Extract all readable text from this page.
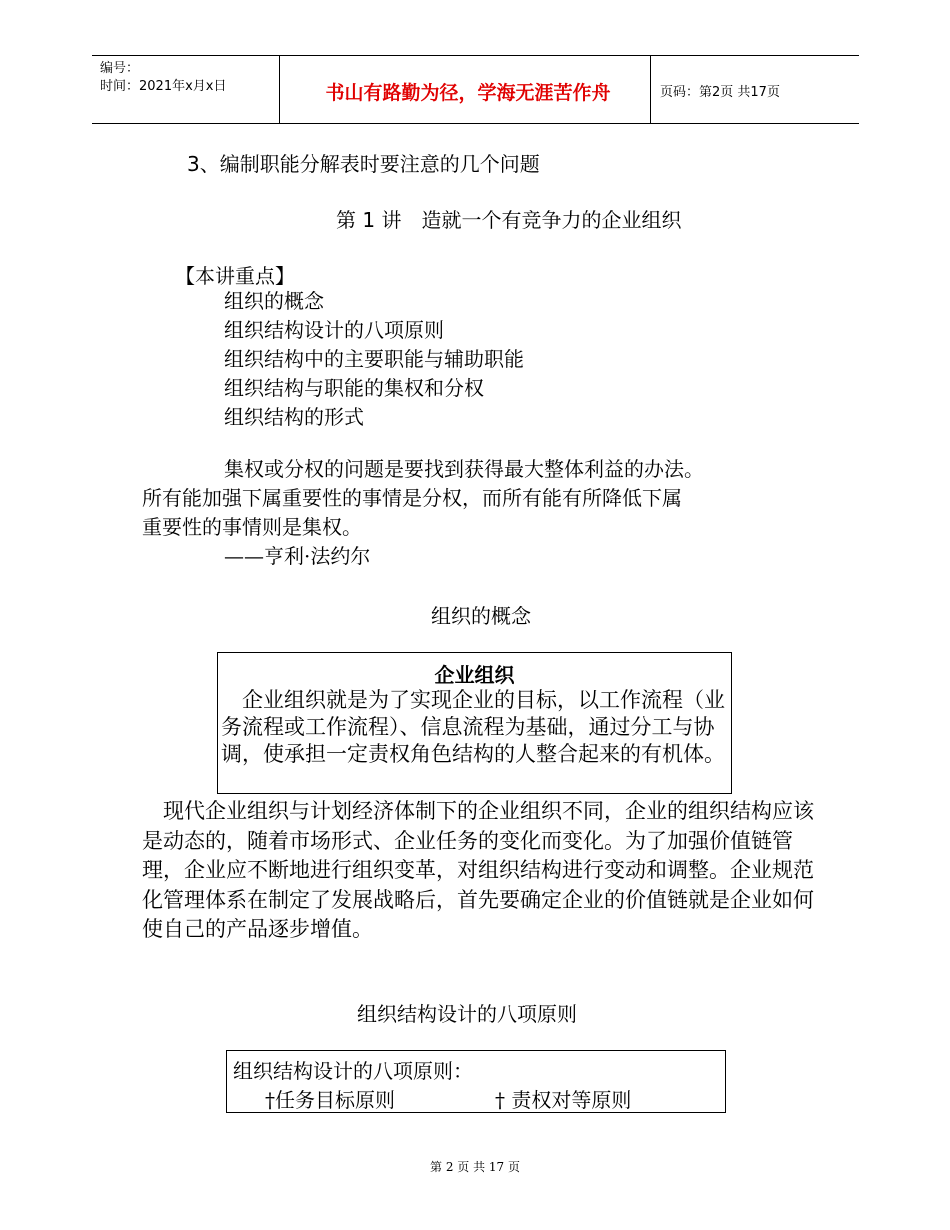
编号：
时间：2021年x月x日	书山有路勤为径，学海无涯苦作舟	页码：第2页 共17页
3、编制职能分解表时要注意的几个问题
第 1 讲　造就一个有竞争力的企业组织
【本讲重点】
组织的概念
组织结构设计的八项原则
组织结构中的主要职能与辅助职能
组织结构与职能的集权和分权
组织结构的形式
集权或分权的问题是要找到获得最大整体利益的办法。
所有能加强下属重要性的事情是分权，而所有能有所降低下属
重要性的事情则是集权。
——亨利·法约尔
组织的概念
企业组织
　企业组织就是为了实现企业的目标，以工作流程（业务流程或工作流程）、信息流程为基础，通过分工与协调，使承担一定责权角色结构的人整合起来的有机体。
　现代企业组织与计划经济体制下的企业组织不同，企业的组织结构应该是动态的，随着市场形式、企业任务的变化而变化。为了加强价值链管理，企业应不断地进行组织变革，对组织结构进行变动和调整。企业规范化管理体系在制定了发展战略后，首先要确定企业的价值链就是企业如何使自己的产品逐步增值。
组织结构设计的八项原则
组织结构设计的八项原则：
†任务目标原则	† 责权对等原则
第 2 页 共 17 页
